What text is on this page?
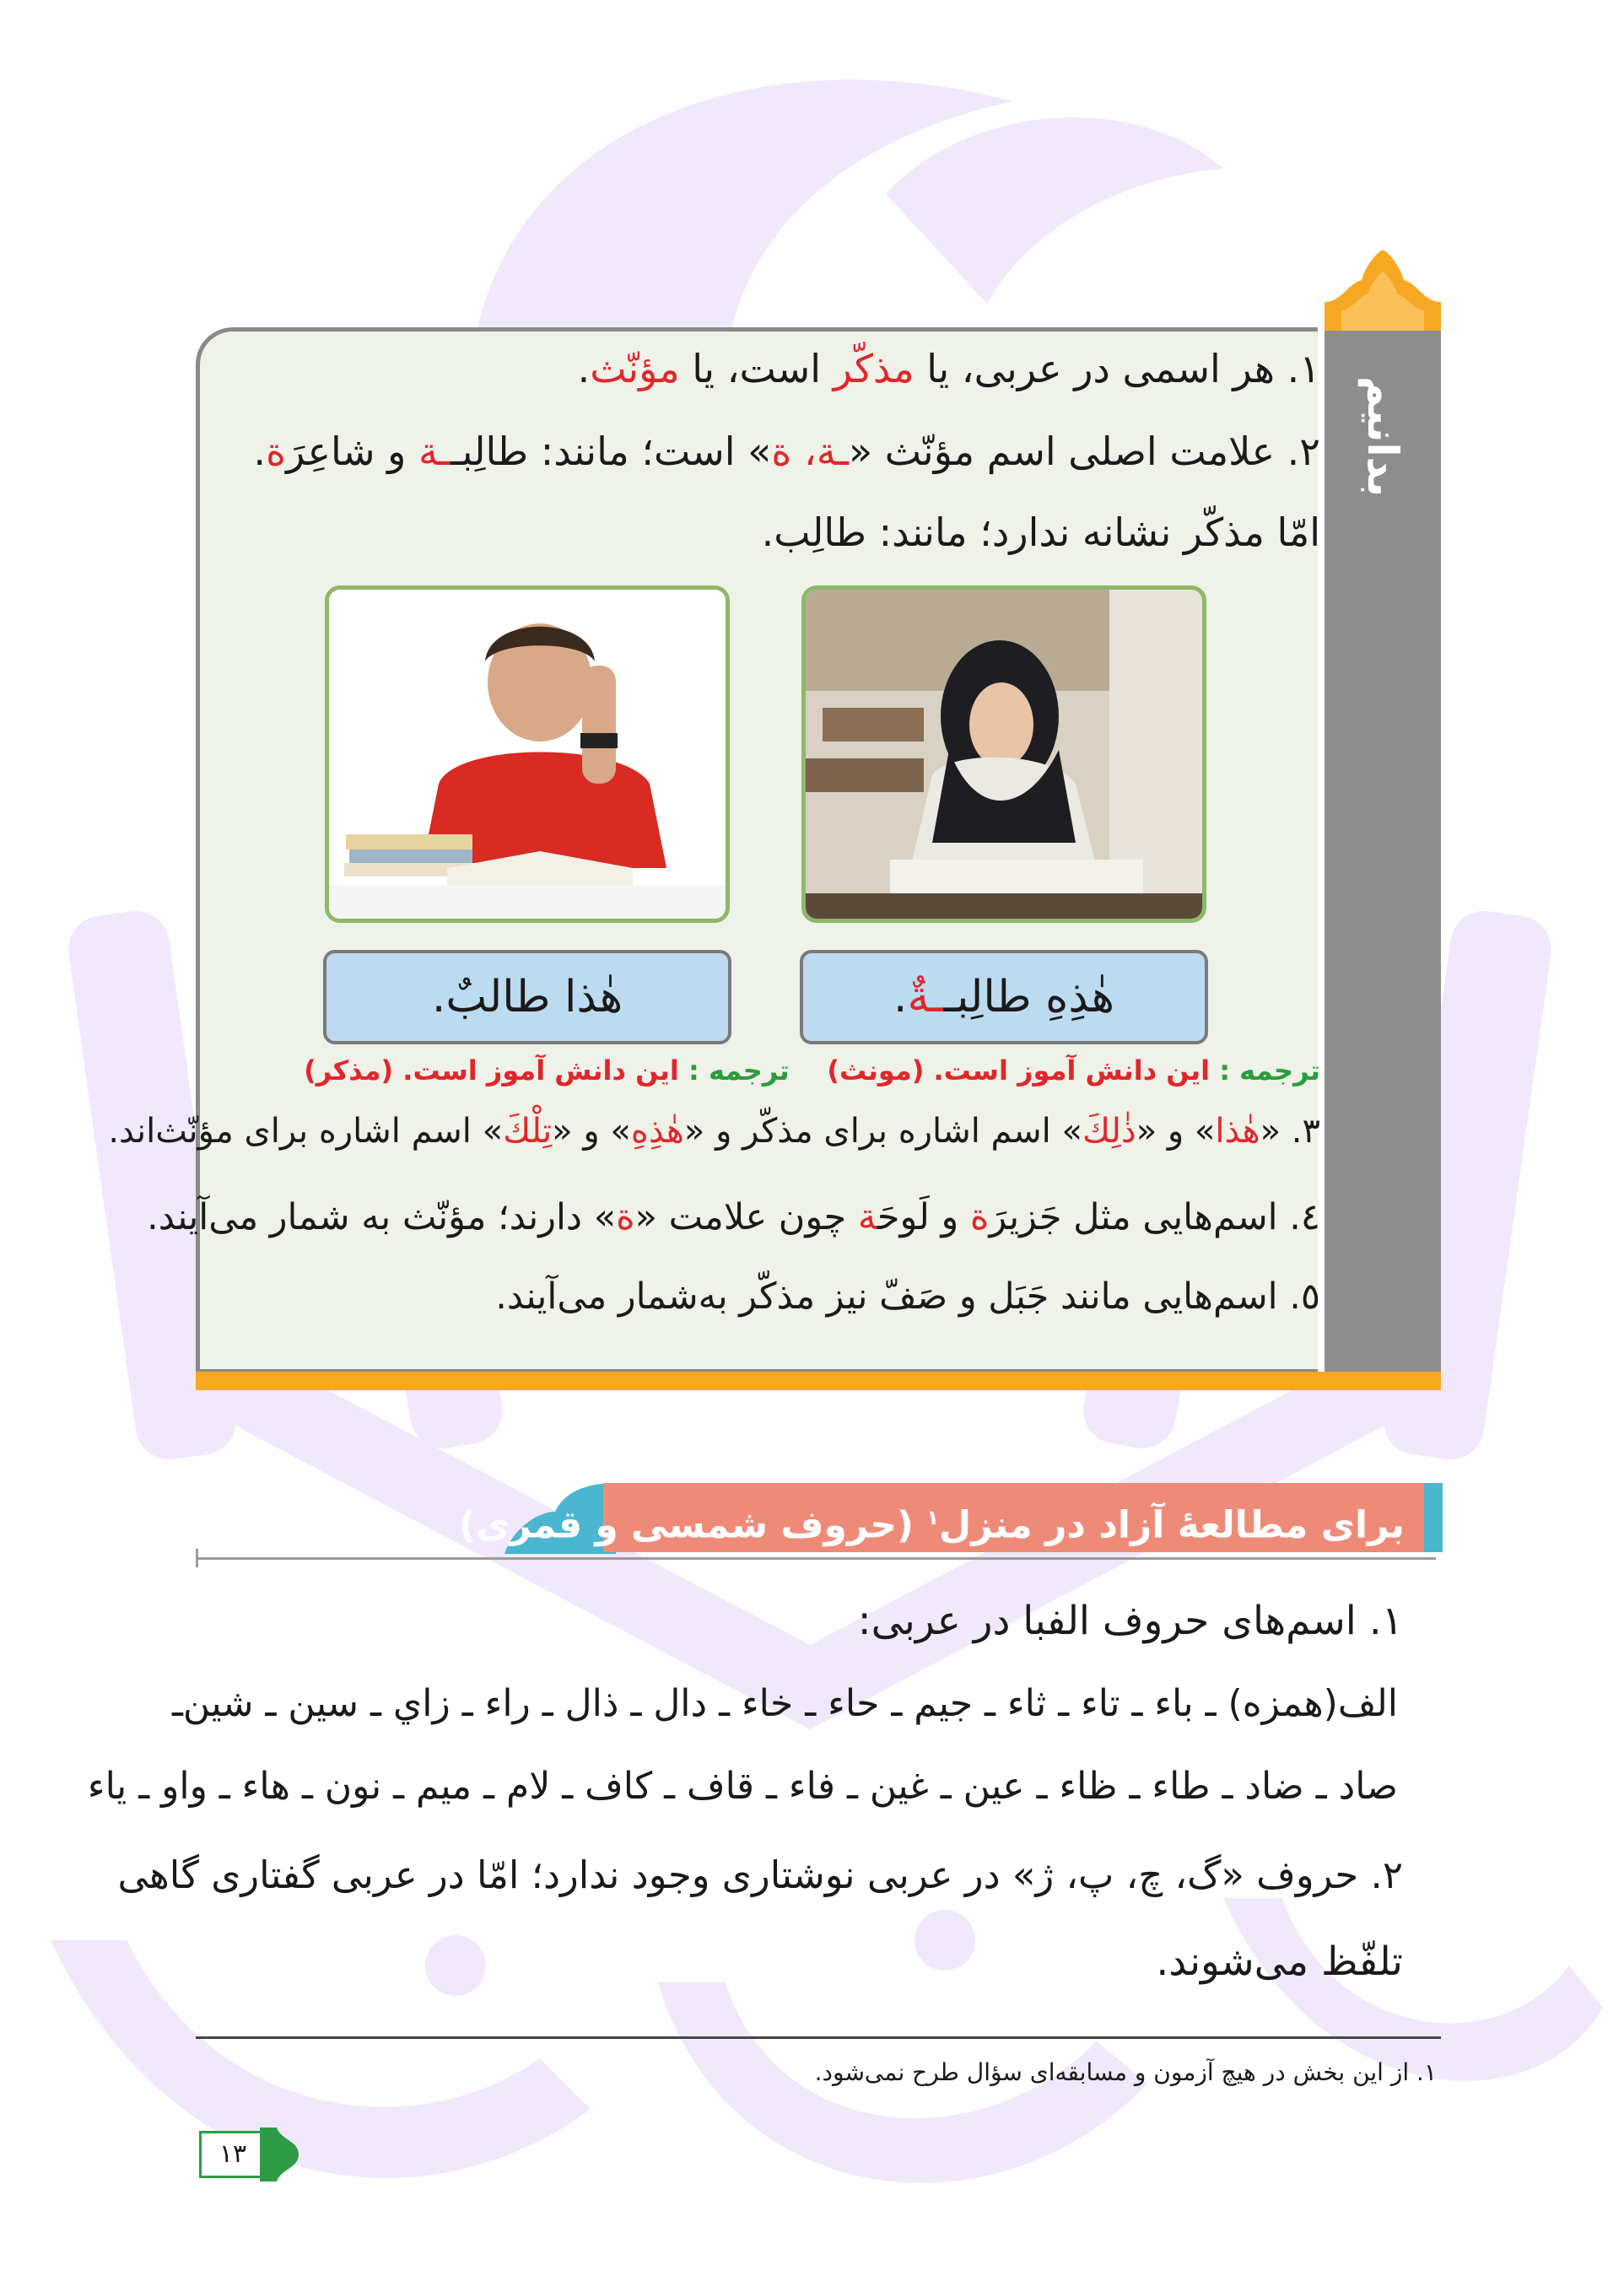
بدانیم
۱. هر اسمی در عربی، یا مذکّر است، یا مؤنّث.
۲. علامت اصلی اسم مؤنّث «ـة، ة» است؛ مانند: طالِبــة و شاعِرَة.
امّا مذکّر نشانه ندارد؛ مانند: طالِب.
هٰذِهِ طالِبــةٌ.
هٰذا طالبٌ.
ترجمه : این دانش آموز است. (مونث)    ترجمه : این دانش آموز است. (مذکر)
۳. «هٰذا» و «ذٰلِكَ» اسم اشاره برای مذکّر و «هٰذِهِ» و «تِلْكَ» اسم اشاره برای مؤنّث‌اند.
٤. اسم‌هایی مثل جَزیرَة و لَوحَة چون علامت «ة» دارند؛ مؤنّث به شمار می‌آیند.
٥. اسم‌هایی مانند جَبَل و صَفّ نیز مذکّر به‌شمار می‌آیند.
برای مطالعهٔ آزاد در منزل$^۱$ (حروف شمسی و قمری)
۱. اسم‌های حروف الفبا در عربی:
الف(همزه) ـ باء ـ تاء ـ ثاء ـ جیم ـ حاء ـ خاء ـ دال ـ ذال ـ راء ـ زاي ـ سين ـ شين‌ـ
صاد‌ ـ ضاد ـ طاء ـ ظاء ـ عين ـ غين ـ فاء ـ قاف ـ كاف ـ لام ـ ميم ـ نون ـ هاء ـ واو ـ ياء
۲. حروف «گ، چ، پ، ژ» در عربی نوشتاری وجود ندارد؛ امّا در عربی گفتاری گاهی
تلفّظ می‌شوند.
۱. از این بخش در هیچ آزمون و مسابقه‌ای سؤال طرح نمی‌شود.
۱۳
